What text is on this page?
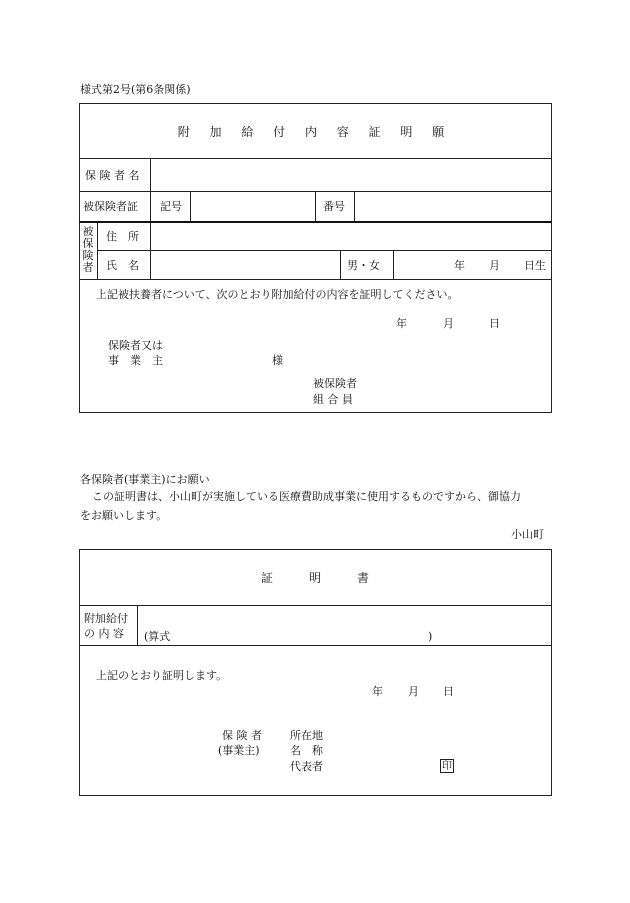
様式第2号(第6条関係)
附 加 給 付 内 容 証 明 願
保 険 者 名
被保険者証 記号	番号
被保険者
住　所
氏　名	男・女	年 月 日生
上記被扶養者について、次のとおり附加給付の内容を証明してください。
年	月	日
保険者又は
事　業　主	様
被保険者
組 合 員
各保険者(事業主)にお願い
この証明書は、小山町が実施している医療費助成事業に使用するものですから、御協力
をお願いします。
小山町
証　　　明　　　書
附加給付
の 内 容 (算式	)
上記のとおり証明します。
年 月 日
保 険 者
(事業主)
所在地
名　称
代表者	印
